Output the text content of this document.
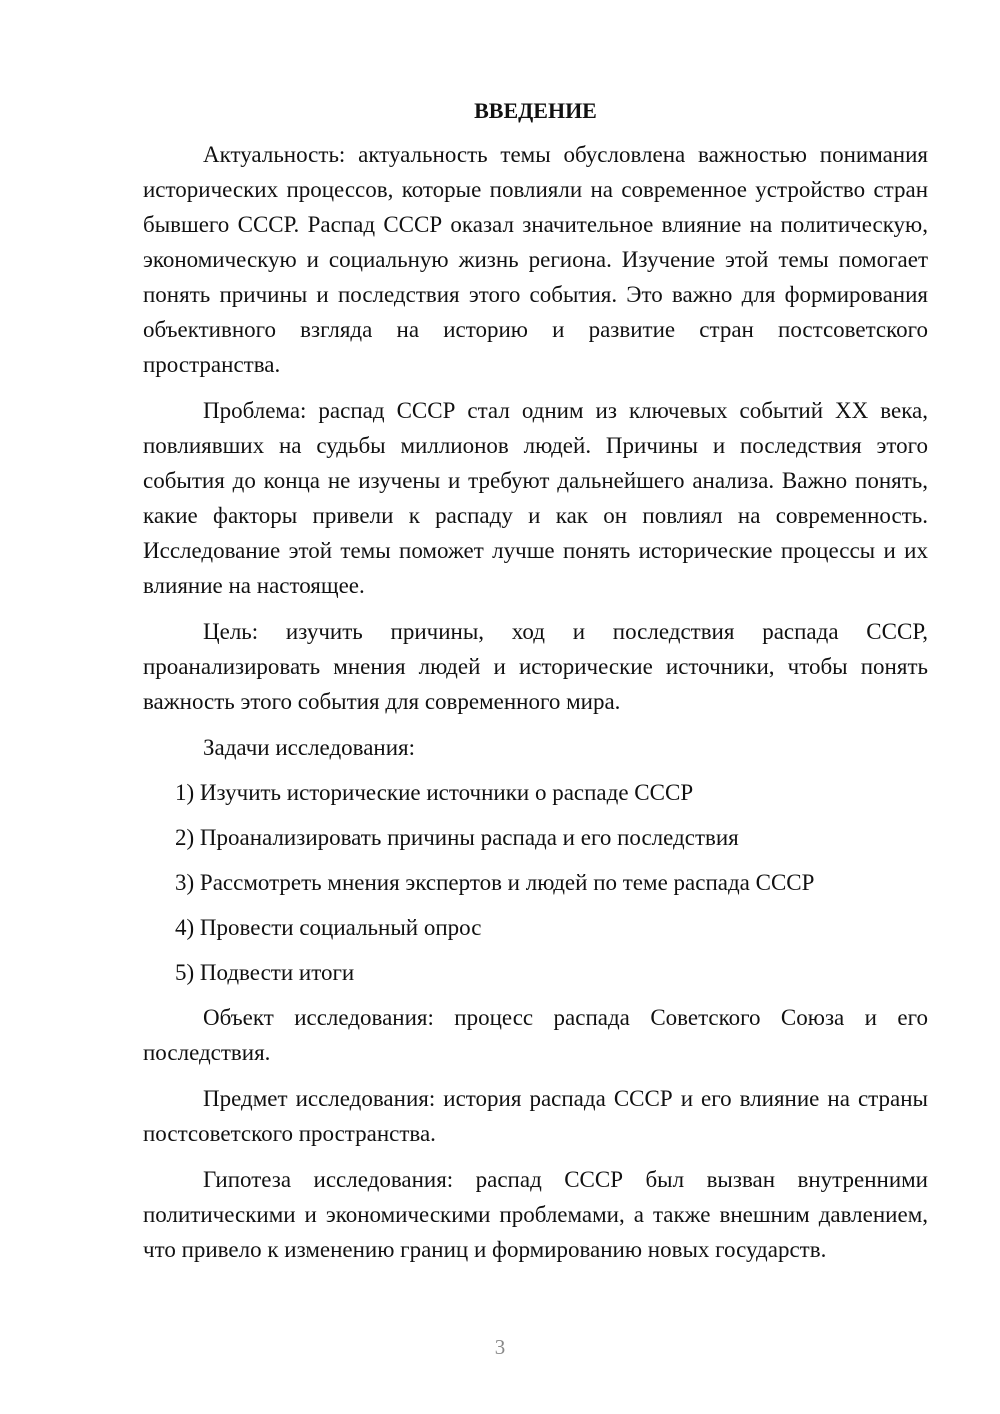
ВВЕДЕНИЕ

Актуальность: актуальность темы обусловлена важностью понимания исторических процессов, которые повлияли на современное устройство стран бывшего СССР. Распад СССР оказал значительное влияние на политическую, экономическую и социальную жизнь региона. Изучение этой темы помогает понять причины и последствия этого события. Это важно для формирования объективного взгляда на историю и развитие стран постсоветского пространства.

Проблема: распад СССР стал одним из ключевых событий XX века, повлиявших на судьбы миллионов людей. Причины и последствия этого события до конца не изучены и требуют дальнейшего анализа. Важно понять, какие факторы привели к распаду и как он повлиял на современность. Исследование этой темы поможет лучше понять исторические процессы и их влияние на настоящее.

Цель: изучить причины, ход и последствия распада СССР, проанализировать мнения людей и исторические источники, чтобы понять важность этого события для современного мира.

Задачи исследования:
1) Изучить исторические источники о распаде СССР
2) Проанализировать причины распада и его последствия
3) Рассмотреть мнения экспертов и людей по теме распада СССР
4) Провести социальный опрос
5) Подвести итоги

Объект исследования: процесс распада Советского Союза и его последствия.

Предмет исследования: история распада СССР и его влияние на страны постсоветского пространства.

Гипотеза исследования: распад СССР был вызван внутренними политическими и экономическими проблемами, а также внешним давлением, что привело к изменению границ и формированию новых государств.

3
